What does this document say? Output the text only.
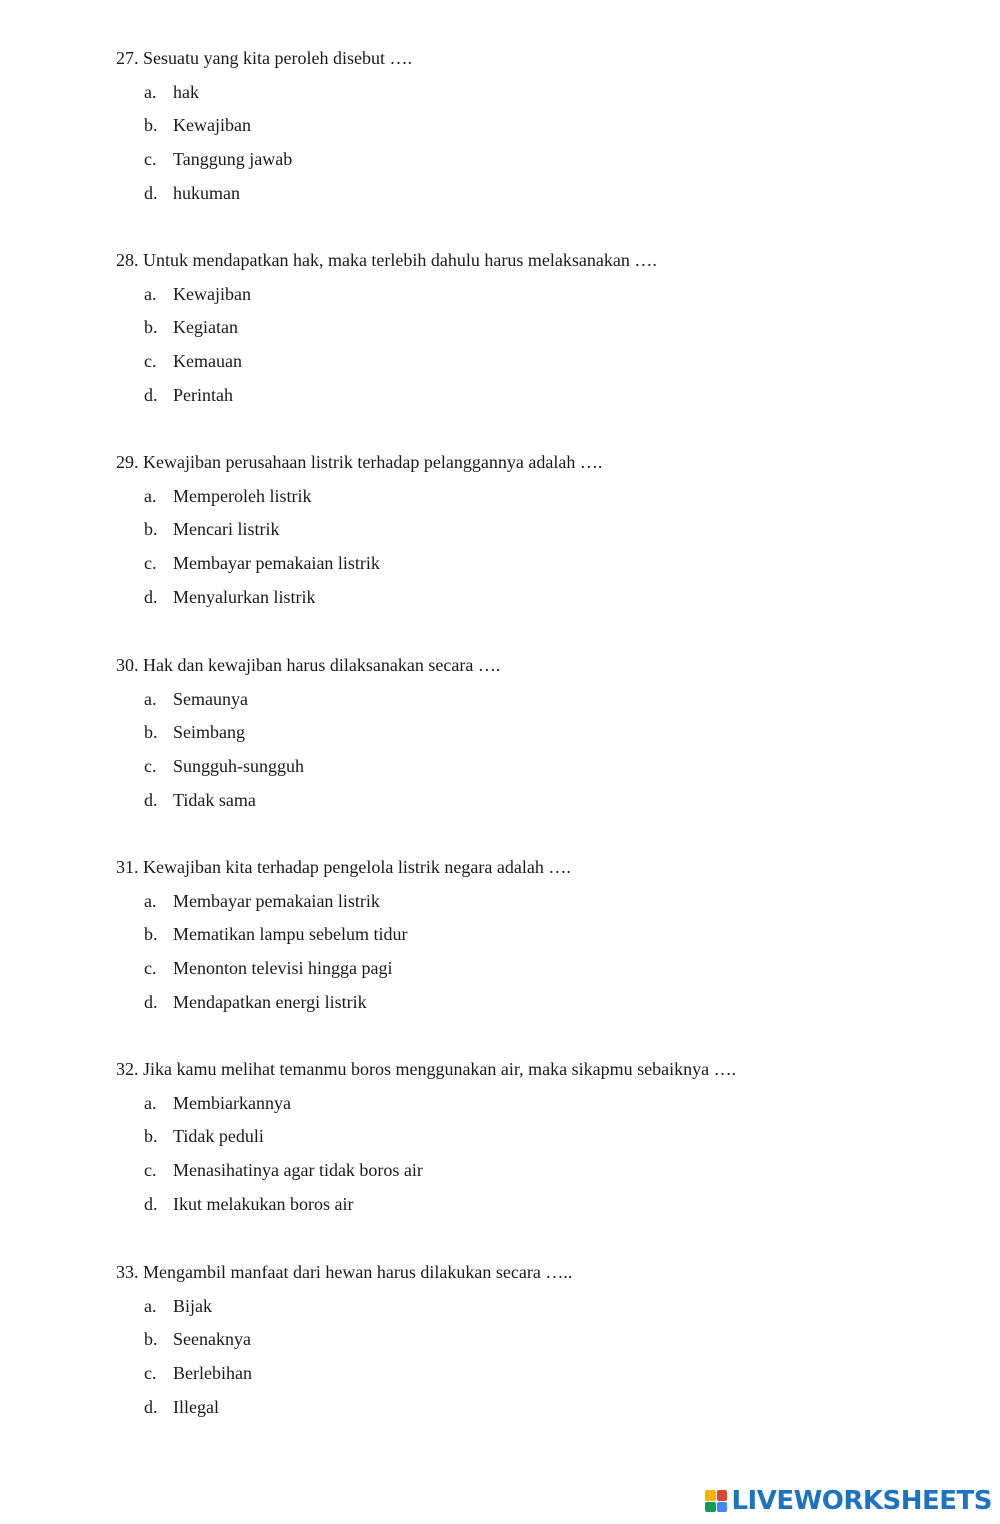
27. Sesuatu yang kita peroleh disebut ….
a. hak
b. Kewajiban
c. Tanggung jawab
d. hukuman
28. Untuk mendapatkan hak, maka terlebih dahulu harus melaksanakan ….
a. Kewajiban
b. Kegiatan
c. Kemauan
d. Perintah
29. Kewajiban perusahaan listrik terhadap pelanggannya adalah ….
a. Memperoleh listrik
b. Mencari listrik
c. Membayar pemakaian listrik
d. Menyalurkan listrik
30. Hak dan kewajiban harus dilaksanakan secara ….
a. Semaunya
b. Seimbang
c. Sungguh-sungguh
d. Tidak sama
31. Kewajiban kita terhadap pengelola listrik negara adalah ….
a. Membayar pemakaian listrik
b. Mematikan lampu sebelum tidur
c. Menonton televisi hingga pagi
d. Mendapatkan energi listrik
32. Jika kamu melihat temanmu boros menggunakan air, maka sikapmu sebaiknya ….
a. Membiarkannya
b. Tidak peduli
c. Menasihatinya agar tidak boros air
d. Ikut melakukan boros air
33. Mengambil manfaat dari hewan harus dilakukan secara …..
a. Bijak
b. Seenaknya
c. Berlebihan
d. Illegal
LIVEWORKSHEETS
